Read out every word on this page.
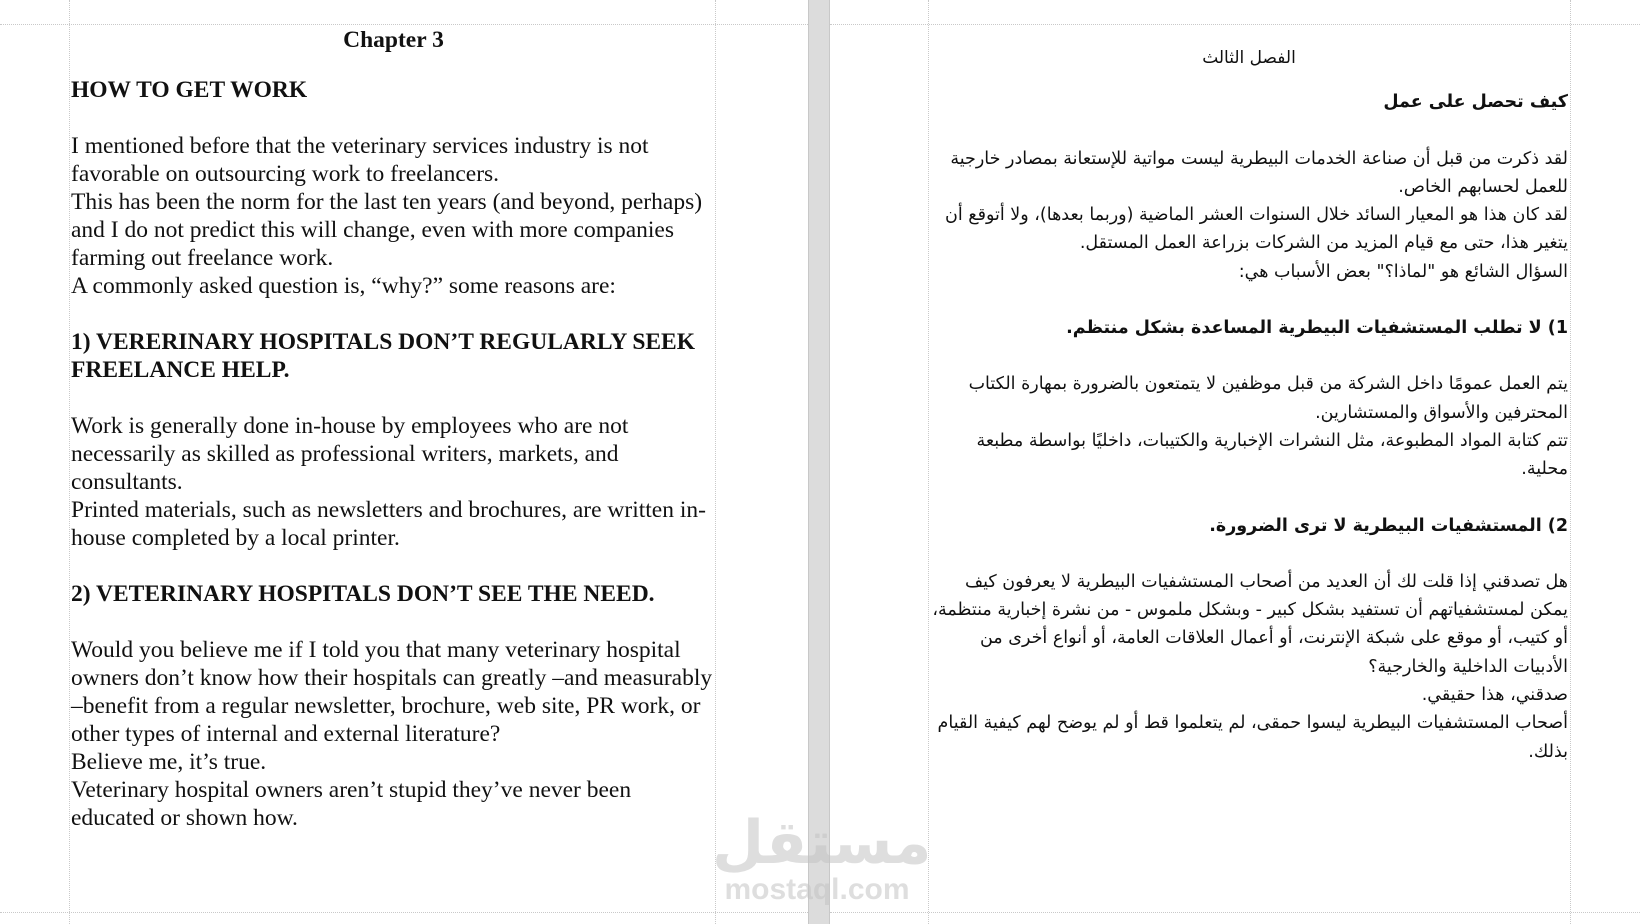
Chapter 3
HOW TO GET WORK

I mentioned before that the veterinary services industry is not favorable on outsourcing work to freelancers.

This has been the norm for the last ten years (and beyond, perhaps) and I do not predict this will change, even with more companies farming out freelance work.

A commonly asked question is, “why?” some reasons are:

1) VERERINARY HOSPITALS DON’T REGULARLY SEEK FREELANCE HELP.

Work is generally done in-house by employees who are not necessarily as skilled as professional writers, markets, and consultants.

Printed materials, such as newsletters and brochures, are written in-house completed by a local printer.

2) VETERINARY HOSPITALS DON’T SEE THE NEED.

Would you believe me if I told you that many veterinary hospital owners don’t know how their hospitals can greatly –and measurably –benefit from a regular newsletter, brochure, web site, PR work, or other types of internal and external literature?

Believe me, it’s true.

Veterinary hospital owners aren’t stupid they’ve never been educated or shown how.

الفصل الثالث
كيف تحصل على عمل

لقد ذكرت من قبل أن صناعة الخدمات البيطرية ليست مواتية للإستعانة بمصادر خارجية للعمل لحسابهم الخاص.

لقد كان هذا هو المعيار السائد خلال السنوات العشر الماضية (وربما بعدها)، ولا أتوقع أن يتغير هذا، حتى مع قيام المزيد من الشركات بزراعة العمل المستقل.

السؤال الشائع هو "لماذا؟" بعض الأسباب هي:

1) لا تطلب المستشفيات البيطرية المساعدة بشكل منتظم.

يتم العمل عمومًا داخل الشركة من قبل موظفين لا يتمتعون بالضرورة بمهارة الكتاب المحترفين والأسواق والمستشارين.

تتم كتابة المواد المطبوعة، مثل النشرات الإخبارية والكتيبات، داخليًا بواسطة مطبعة محلية.

2) المستشفيات البيطرية لا ترى الضرورة.

هل تصدقني إذا قلت لك أن العديد من أصحاب المستشفيات البيطرية لا يعرفون كيف يمكن لمستشفياتهم أن تستفيد بشكل كبير - وبشكل ملموس - من نشرة إخبارية منتظمة، أو كتيب، أو موقع على شبكة الإنترنت، أو أعمال العلاقات العامة، أو أنواع أخرى من الأدبيات الداخلية والخارجية؟

صدقني، هذا حقيقي.

أصحاب المستشفيات البيطرية ليسوا حمقى، لم يتعلموا قط أو لم يوضح لهم كيفية القيام بذلك.

مستقل
mostaql.com
